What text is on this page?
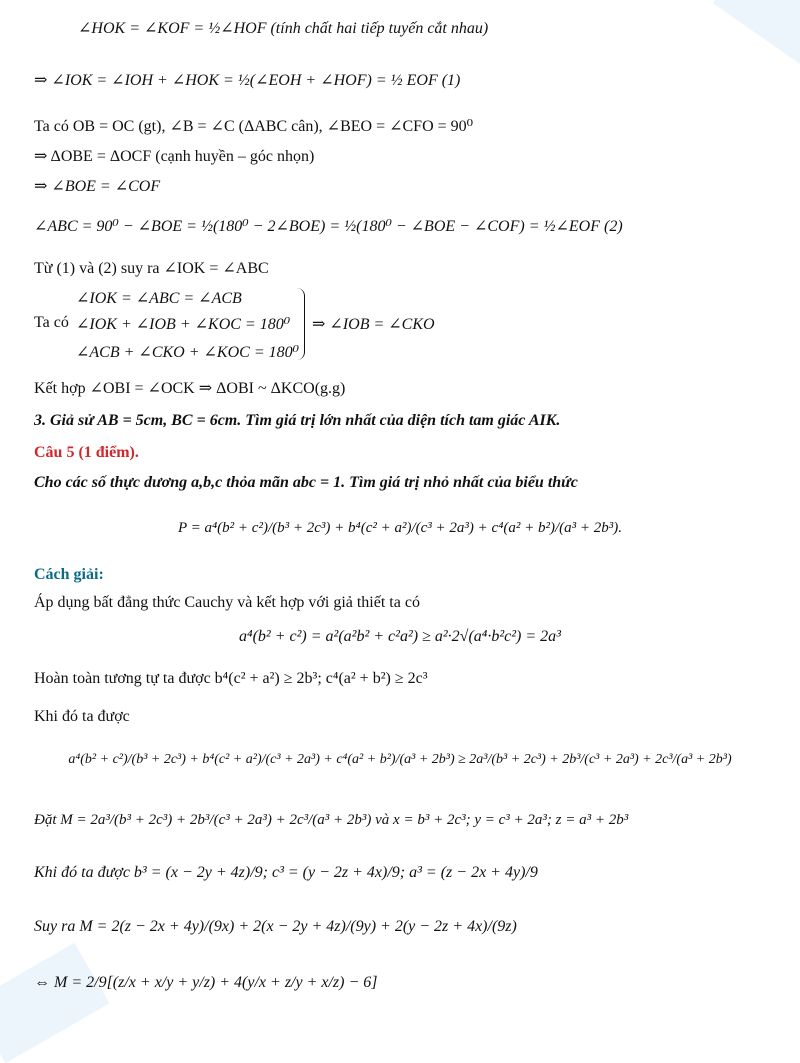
∠HOK = ∠KOF = ½∠HOF (tính chất hai tiếp tuyến cắt nhau)
⇒ ∠IOK = ∠IOH + ∠HOK = ½(∠EOH + ∠HOF) = ½ EOF (1)
Ta có OB = OC (gt), ∠B = ∠C (ΔABC cân), ∠BEO = ∠CFO = 90⁰
⇒ ΔOBE = ΔOCF (cạnh huyền – góc nhọn)
⇒ ∠BOE = ∠COF
∠ABC = 90⁰ − ∠BOE = ½(180⁰ − 2∠BOE) = ½(180⁰ − ∠BOE − ∠COF) = ½∠EOF (2)
Từ (1) và (2) suy ra ∠IOK = ∠ABC
∠IOK = ∠ABC = ∠ACB
Ta có ∠IOK + ∠IOB + ∠KOC = 180⁰
∠ACB + ∠CKO + ∠KOC = 180⁰
⇒ ∠IOB = ∠CKO
Kết hợp ∠OBI = ∠OCK ⇒ ΔOBI ~ ΔKCO(g.g)
3. Giả sử AB = 5cm, BC = 6cm. Tìm giá trị lớn nhất của diện tích tam giác AIK.
Câu 5 (1 điểm).
Cho các số thực dương a,b,c thỏa mãn abc = 1. Tìm giá trị nhỏ nhất của biểu thức
P = a⁴(b² + c²)/(b³ + 2c³) + b⁴(c² + a²)/(c³ + 2a³) + c⁴(a² + b²)/(a³ + 2b³).
Cách giải:
Áp dụng bất đẳng thức Cauchy và kết hợp với giả thiết ta có
a⁴(b² + c²) = a²(a²b² + c²a²) ≥ a²·2√(a⁴·b²c²) = 2a³
Hoàn toàn tương tự ta được b⁴(c² + a²) ≥ 2b³; c⁴(a² + b²) ≥ 2c³
Khi đó ta được
a⁴(b² + c²)/(b³ + 2c³) + b⁴(c² + a²)/(c³ + 2a³) + c⁴(a² + b²)/(a³ + 2b³) ≥ 2a³/(b³ + 2c³) + 2b³/(c³ + 2a³) + 2c³/(a³ + 2b³)
Đặt M = 2a³/(b³ + 2c³) + 2b³/(c³ + 2a³) + 2c³/(a³ + 2b³) và x = b³ + 2c³; y = c³ + 2a³; z = a³ + 2b³
Khi đó ta được b³ = (x − 2y + 4z)/9; c³ = (y − 2z + 4x)/9; a³ = (z − 2x + 4y)/9
Suy ra M = 2(z − 2x + 4y)/(9x) + 2(x − 2y + 4z)/(9y) + 2(y − 2z + 4x)/(9z)
⇔ M = 2/9[(z/x + x/y + y/z) + 4(y/x + z/y + x/z) − 6]
